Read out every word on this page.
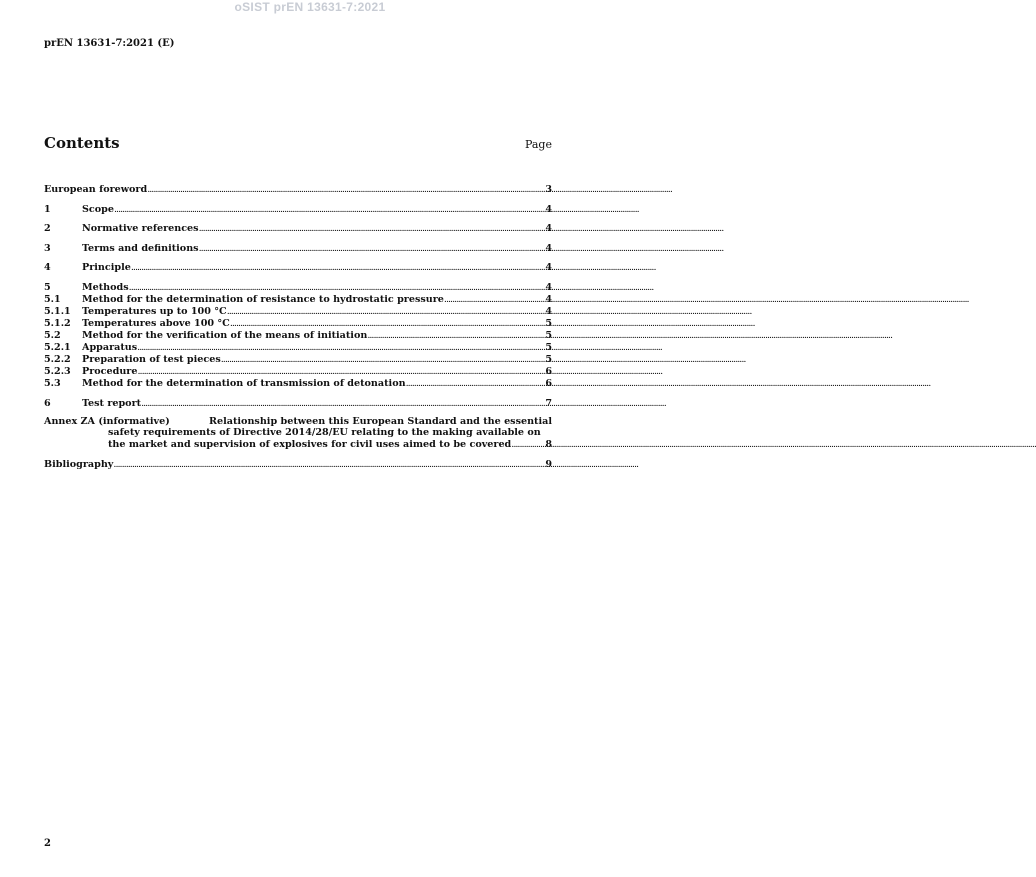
oSIST prEN 13631-7:2021
prEN 13631-7:2021 (E)
Contents	Page
European foreword .....	3
1	Scope .....	4
2	Normative references .....	4
3	Terms and definitions .....	4
4	Principle .....	4
5	Methods .....	4
5.1	Method for the determination of resistance to hydrostatic pressure .....	4
5.1.1	Temperatures up to 100 °C .....	4
5.1.2	Temperatures above 100 °C .....	5
5.2	Method for the verification of the means of initiation .....	5
5.2.1	Apparatus .....	5
5.2.2	Preparation of test pieces .....	5
5.2.3	Procedure .....	6
5.3	Method for the determination of transmission of detonation .....	6
6	Test report .....	7
Annex ZA (informative)	Relationship between this European Standard and the essential
safety requirements of Directive 2014/28/EU relating to the making available on
the market and supervision of explosives for civil uses aimed to be covered .....	8
Bibliography .....	9
2
